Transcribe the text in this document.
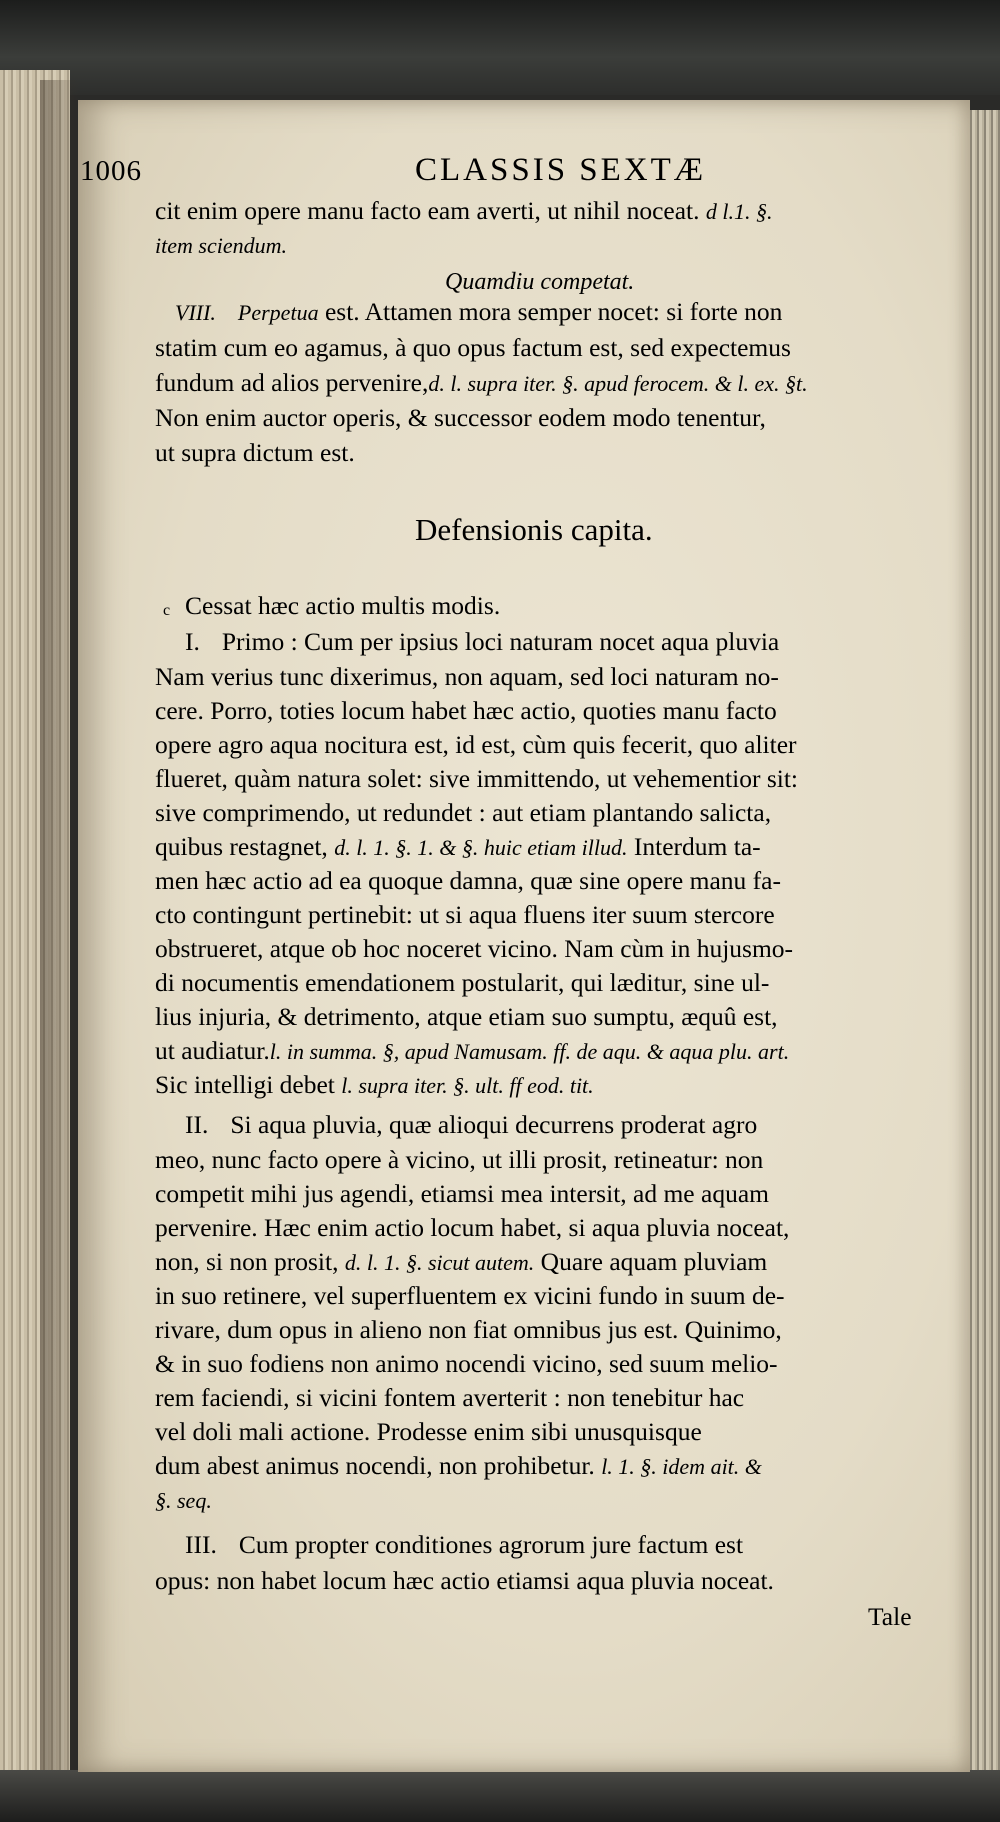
1006	CLASSIS SEXTÆ
cit enim opere manu facto eam averti, ut nihil noceat. d l.1. §.
item sciendum.
Quamdiu competat.
VIII. Perpetua est. Attamen mora semper nocet: si forte non
statim cum eo agamus, à quo opus factum est, sed expectemus
fundum ad alios pervenire,d. l. supra iter. §. apud ferocem. & l. ex. §t.
Non enim auctor operis, & successor eodem modo tenentur,
ut supra dictum est.
Defensionis capita.
Cessat hæc actio multis modis.
c
I. Primo : Cum per ipsius loci naturam nocet aqua pluvia
Nam verius tunc dixerimus, non aquam, sed loci naturam no-
cere. Porro, toties locum habet hæc actio, quoties manu facto
opere agro aqua nocitura est, id est, cùm quis fecerit, quo aliter
flueret, quàm natura solet: sive immittendo, ut vehementior sit:
sive comprimendo, ut redundet : aut etiam plantando salicta,
quibus restagnet, d. l. 1. §. 1. & §. huic etiam illud. Interdum ta-
men hæc actio ad ea quoque damna, quæ sine opere manu fa-
cto contingunt pertinebit: ut si aqua fluens iter suum stercore
obstrueret, atque ob hoc noceret vicino. Nam cùm in hujusmo-
di nocumentis emendationem postularit, qui læditur, sine ul-
lius injuria, & detrimento, atque etiam suo sumptu, æquû est,
ut audiatur.l. in summa. §, apud Namusam. ff. de aqu. & aqua plu. art.
Sic intelligi debet l. supra iter. §. ult. ff eod. tit.
II. Si aqua pluvia, quæ alioqui decurrens proderat agro
meo, nunc facto opere à vicino, ut illi prosit, retineatur: non
competit mihi jus agendi, etiamsi mea intersit, ad me aquam
pervenire. Hæc enim actio locum habet, si aqua pluvia noceat,
non, si non prosit, d. l. 1. §. sicut autem. Quare aquam pluviam
in suo retinere, vel superfluentem ex vicini fundo in suum de-
rivare, dum opus in alieno non fiat omnibus jus est. Quinimo,
& in suo fodiens non animo nocendi vicino, sed suum melio-
rem faciendi, si vicini fontem averterit : non tenebitur hac
vel doli mali actione. Prodesse enim sibi unusquisque
dum abest animus nocendi, non prohibetur. l. 1. §. idem ait. &
§. seq.
III. Cum propter conditiones agrorum jure factum est
opus: non habet locum hæc actio etiamsi aqua pluvia noceat.
Tale
